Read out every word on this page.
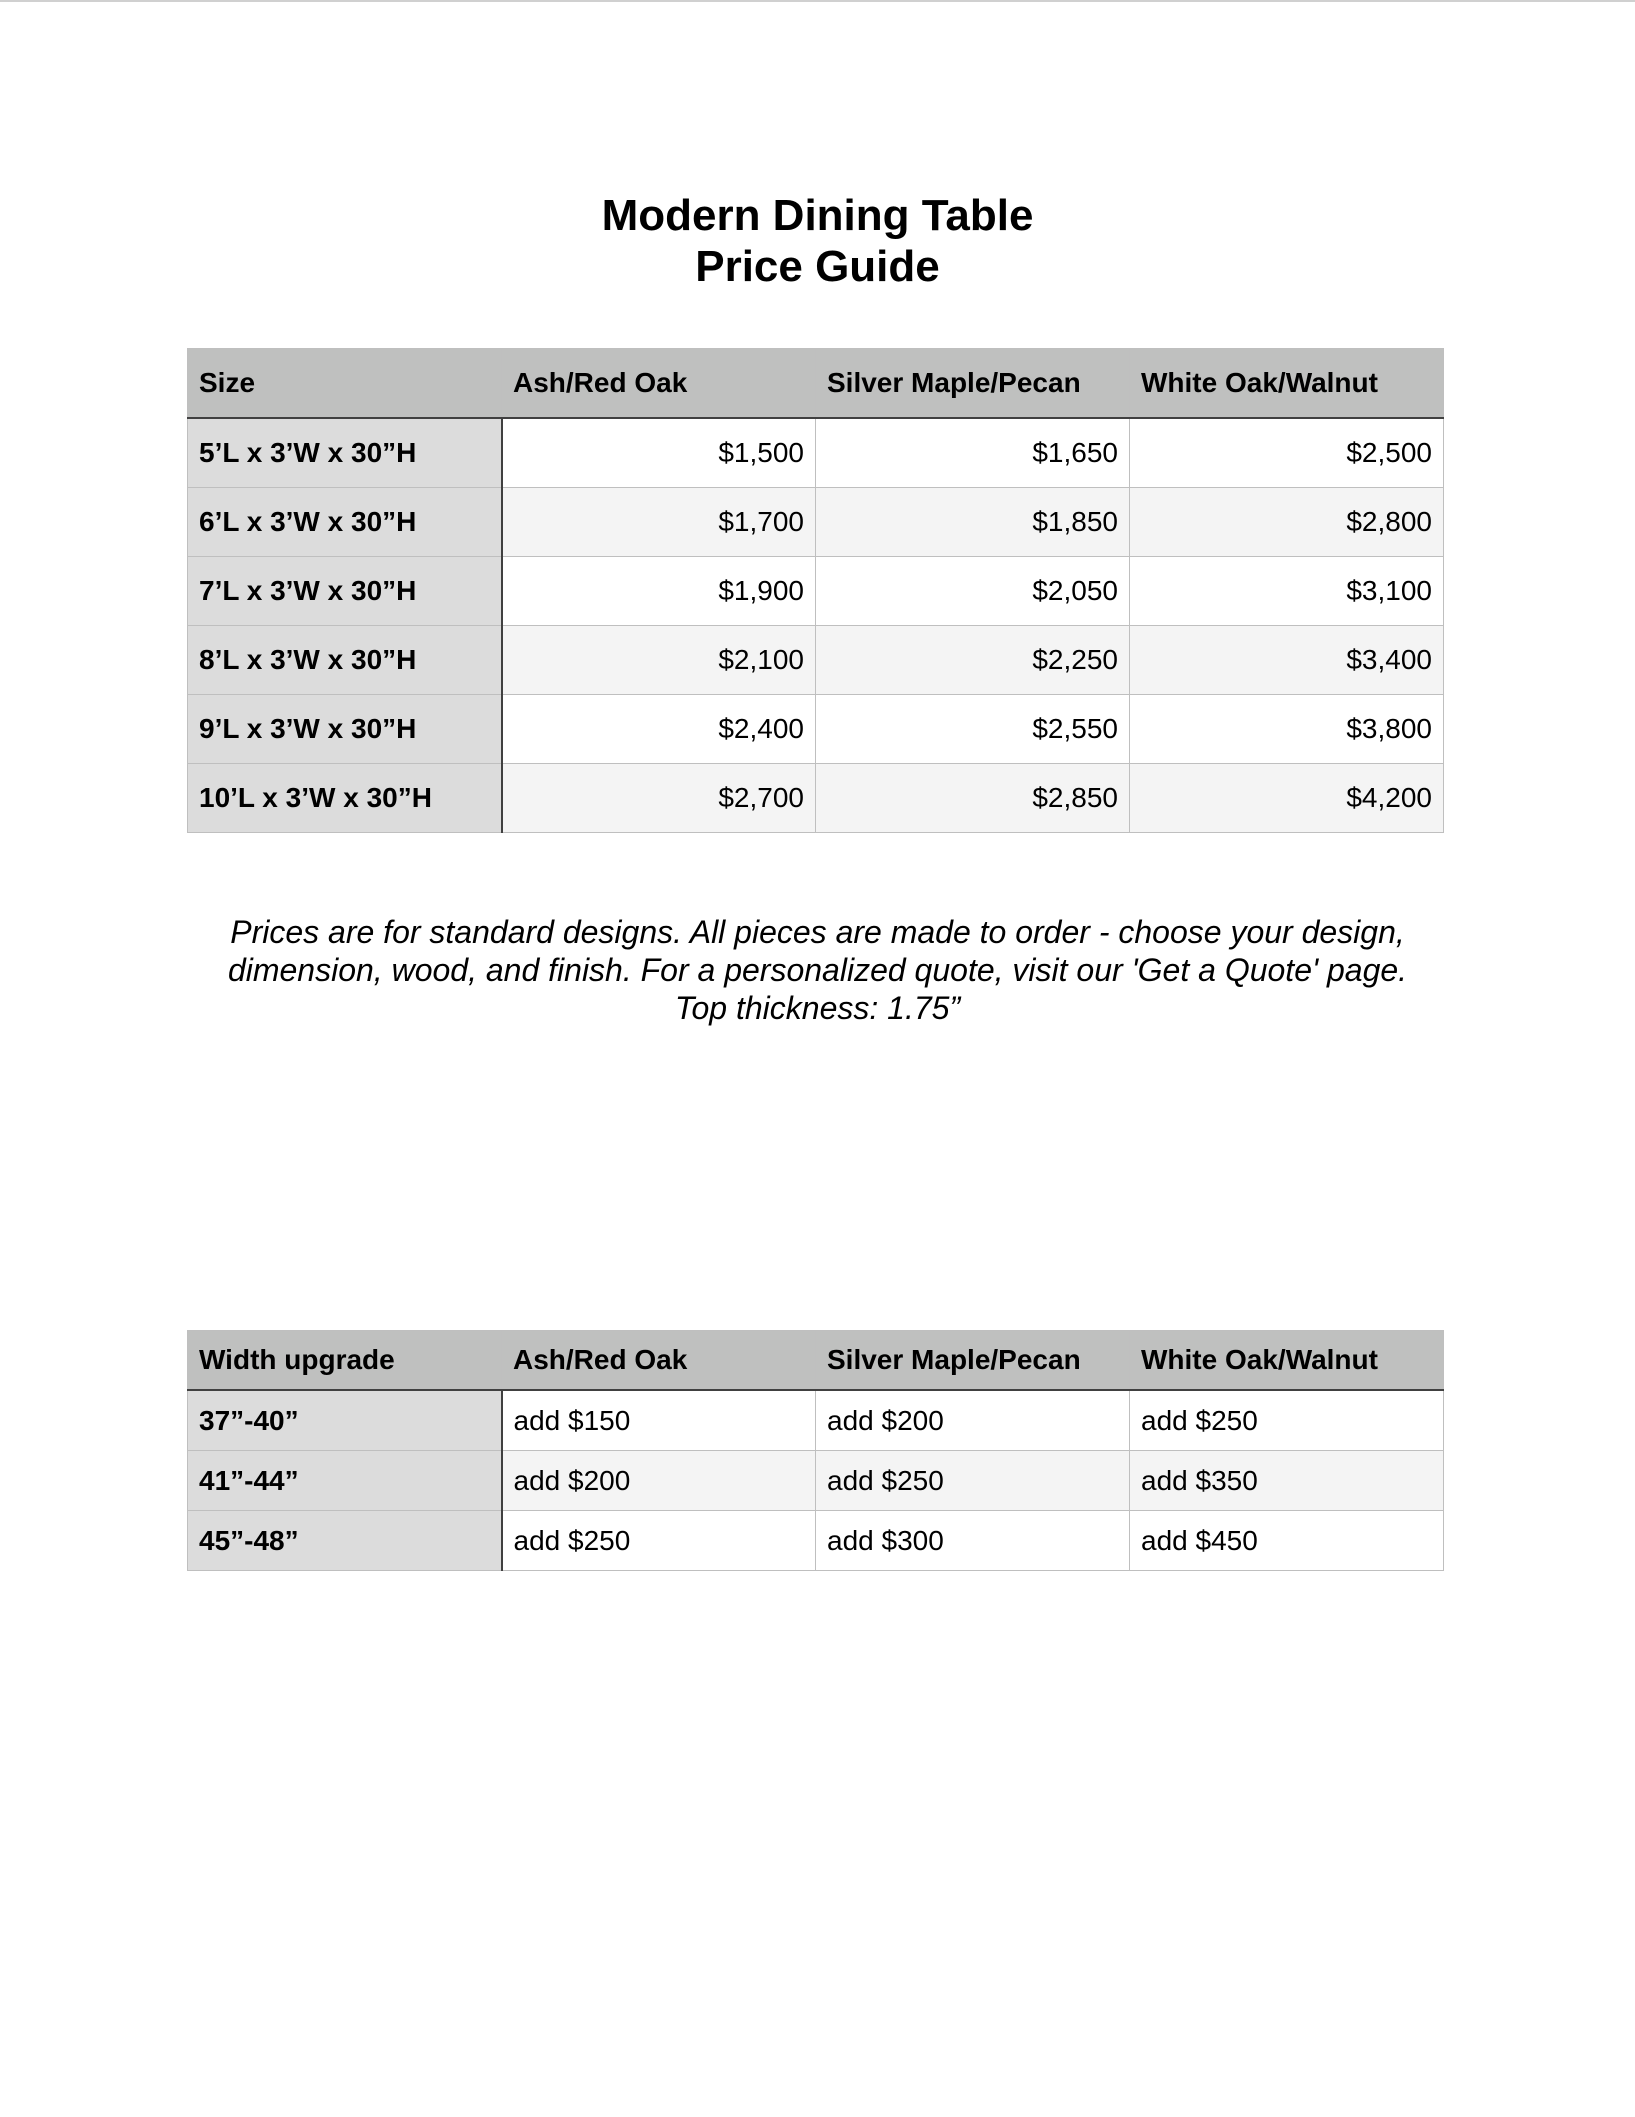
Modern Dining Table
Price Guide
Size	Ash/Red Oak	Silver Maple/Pecan	White Oak/Walnut
5’L x 3’W x 30”H	$1,500	$1,650	$2,500
6’L x 3’W x 30”H	$1,700	$1,850	$2,800
7’L x 3’W x 30”H	$1,900	$2,050	$3,100
8’L x 3’W x 30”H	$2,100	$2,250	$3,400
9’L x 3’W x 30”H	$2,400	$2,550	$3,800
10’L x 3’W x 30”H	$2,700	$2,850	$4,200
Prices are for standard designs. All pieces are made to order - choose your design,
dimension, wood, and finish. For a personalized quote, visit our 'Get a Quote' page.
Top thickness: 1.75”
Width upgrade	Ash/Red Oak	Silver Maple/Pecan	White Oak/Walnut
37”-40”	add $150	add $200	add $250
41”-44”	add $200	add $250	add $350
45”-48”	add $250	add $300	add $450
